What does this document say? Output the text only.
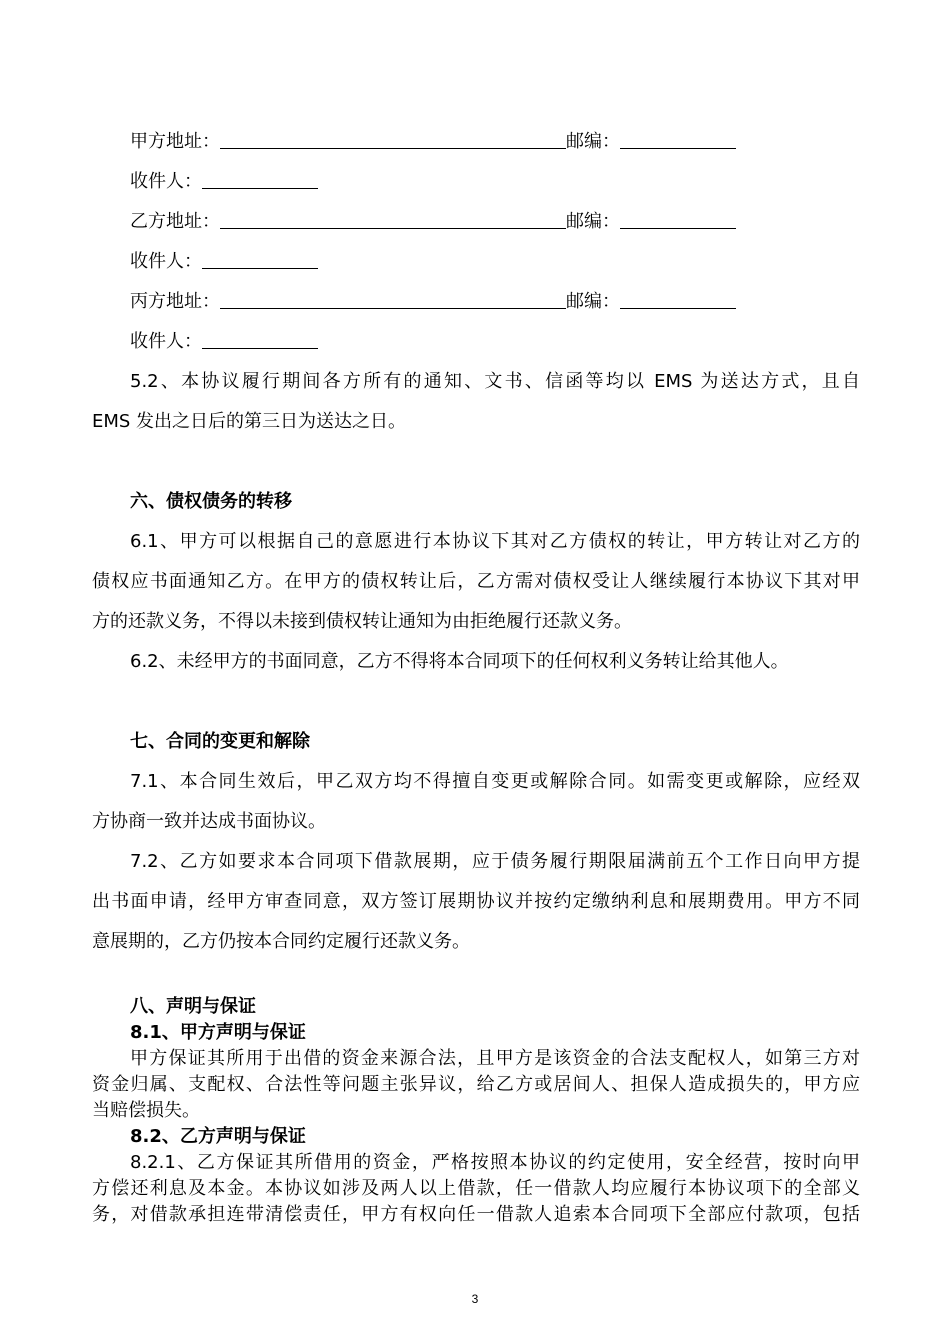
甲方地址：	邮编：
收件人：
乙方地址：	邮编：
收件人：
丙方地址：	邮编：
收件人：
5.2、本协议履行期间各方所有的通知、文书、信函等均以 EMS 为送达方式，且自
EMS 发出之日后的第三日为送达之日。
六、债权债务的转移
6.1、甲方可以根据自己的意愿进行本协议下其对乙方债权的转让，甲方转让对乙方的
债权应书面通知乙方。在甲方的债权转让后，乙方需对债权受让人继续履行本协议下其对甲
方的还款义务，不得以未接到债权转让通知为由拒绝履行还款义务。
6.2、未经甲方的书面同意，乙方不得将本合同项下的任何权利义务转让给其他人。
七、合同的变更和解除
7.1、本合同生效后，甲乙双方均不得擅自变更或解除合同。如需变更或解除，应经双
方协商一致并达成书面协议。
7.2、乙方如要求本合同项下借款展期，应于债务履行期限届满前五个工作日向甲方提
出书面申请，经甲方审查同意，双方签订展期协议并按约定缴纳利息和展期费用。甲方不同
意展期的，乙方仍按本合同约定履行还款义务。
八、声明与保证
8.1、甲方声明与保证
甲方保证其所用于出借的资金来源合法，且甲方是该资金的合法支配权人，如第三方对
资金归属、支配权、合法性等问题主张异议，给乙方或居间人、担保人造成损失的，甲方应
当赔偿损失。
8.2、乙方声明与保证
8.2.1、乙方保证其所借用的资金，严格按照本协议的约定使用，安全经营，按时向甲
方偿还利息及本金。本协议如涉及两人以上借款，任一借款人均应履行本协议项下的全部义
务，对借款承担连带清偿责任，甲方有权向任一借款人追索本合同项下全部应付款项，包括
3
